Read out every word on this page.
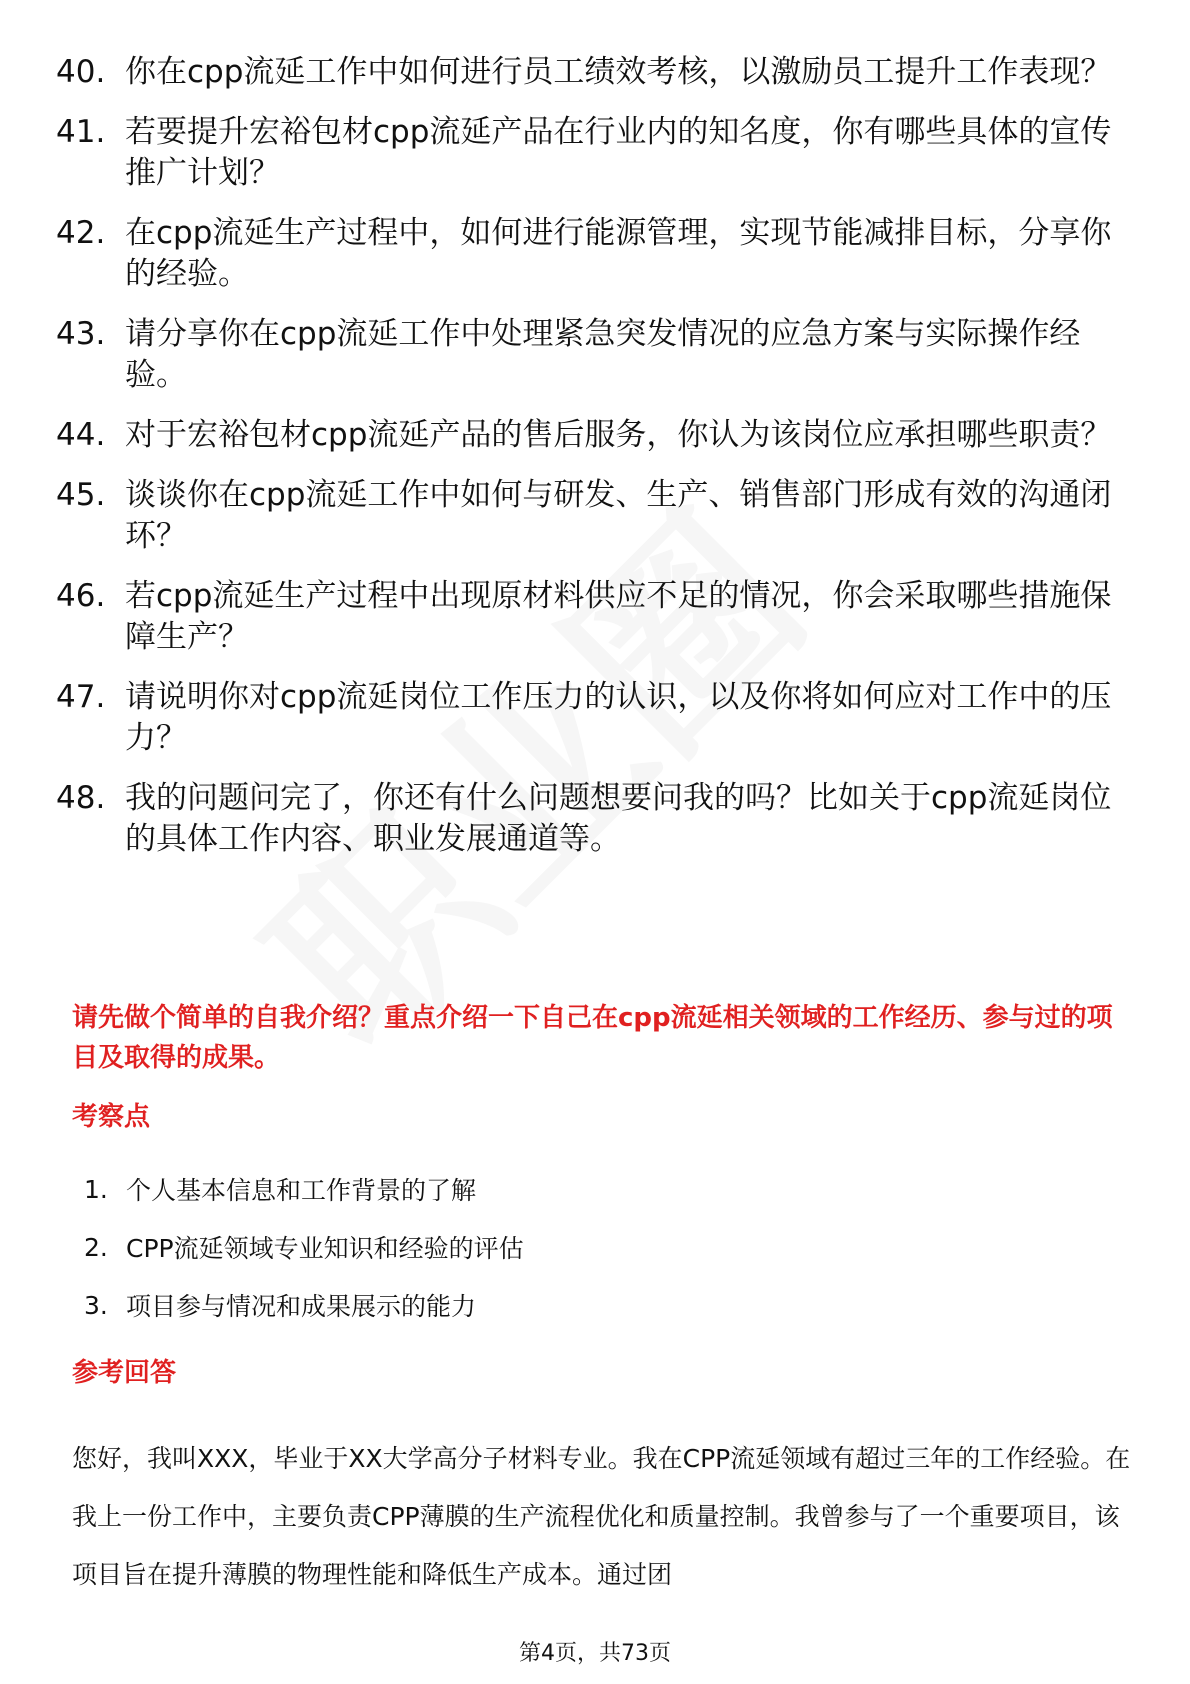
40. 你在cpp流延工作中如何进行员工绩效考核，以激励员工提升工作表现？
41. 若要提升宏裕包材cpp流延产品在行业内的知名度，你有哪些具体的宣传推广计划？
42. 在cpp流延生产过程中，如何进行能源管理，实现节能减排目标，分享你的经验。
43. 请分享你在cpp流延工作中处理紧急突发情况的应急方案与实际操作经验。
44. 对于宏裕包材cpp流延产品的售后服务，你认为该岗位应承担哪些职责？
45. 谈谈你在cpp流延工作中如何与研发、生产、销售部门形成有效的沟通闭环？
46. 若cpp流延生产过程中出现原材料供应不足的情况，你会采取哪些措施保障生产？
47. 请说明你对cpp流延岗位工作压力的认识，以及你将如何应对工作中的压力？
48. 我的问题问完了，你还有什么问题想要问我的吗？比如关于cpp流延岗位的具体工作内容、职业发展通道等。
请先做个简单的自我介绍？重点介绍一下自己在cpp流延相关领域的工作经历、参与过的项目及取得的成果。
考察点
1. 个人基本信息和工作背景的了解
2. CPP流延领域专业知识和经验的评估
3. 项目参与情况和成果展示的能力
参考回答
您好，我叫XXX，毕业于XX大学高分子材料专业。我在CPP流延领域有超过三年的工作经验。在我上一份工作中，主要负责CPP薄膜的生产流程优化和质量控制。我曾参与了一个重要项目，该项目旨在提升薄膜的物理性能和降低生产成本。通过团
第4页，共73页
